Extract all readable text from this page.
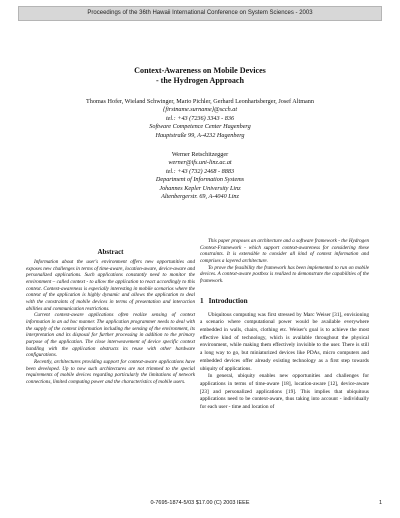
Proceedings of the 36th Hawaii International Conference on System Sciences - 2003
Context-Awareness on Mobile Devices
- the Hydrogen Approach
Thomas Hofer, Wieland Schwinger, Mario Pichler, Gerhard Leonhartsberger, Josef Altmann
{firstname.surname}@scch.at
tel.: +43 (7236) 3343 - 836
Software Competence Center Hagenberg
Hauptstraße 99, A-4232 Hagenberg
Werner Retschitzegger
werner@ifs.uni-linz.ac.at
tel.: +43 (732) 2468 - 8883
Department of Information Systems
Johannes Kepler University Linz
Altenbergerstr. 69, A-4040 Linz
Abstract

Information about the user's environment offers new opportunities and exposes new challenges in terms of time-aware, location-aware, device-aware and personalized applications. Such applications constantly need to monitor the environment – called context - to allow the application to react accordingly to this context. Context-awareness is especially interesting in mobile scenarios where the context of the application is highly dynamic and allows the application to deal with the constraints of mobile devices in terms of presentation and interaction abilities and communication restrictions.

Current context-aware applications often realize sensing of context information in an ad hoc manner. The application programmer needs to deal with the supply of the context information including the sensing of the environment, its interpretation and its disposal for further processing in addition to the primary purpose of the application. The close interweavement of device specific context handling with the application obstructs its reuse with other hardware configurations.

Recently, architectures providing support for context-aware applications have been developed. Up to now such architectures are not trimmed to the special requirements of mobile devices regarding particularly the limitations of network connections, limited computing power and the characteristics of mobile users.

This paper proposes an architecture and a software framework - the Hydrogen Context-Framework - which support context-awareness for considering these constraints. It is extensible to consider all kind of context information and comprises a layered architecture.

To prove the feasibility the framework has been implemented to run on mobile devices. A context-aware postbox is realized to demonstrate the capabilities of the framework.

1 Introduction

Ubiquitous computing was first stressed by Marc Weiser [31], envisioning a scenario where computational power would be available everywhere embedded in walls, chairs, clothing etc. Weiser's goal is to achieve the most effective kind of technology, which is available throughout the physical environment, while making them effectively invisible to the user. There is still a long way to go, but miniaturized devices like PDAs, micro computers and embedded devices offer already existing technology as a first step towards ubiquity of applications.

In general, ubiquity enables new opportunities and challenges for applications in terms of time-aware [18], location-aware [12], device-aware [23] and personalized applications [19]. This implies that ubiquitous applications need to be context-aware, thus taking into account - individually for each user - time and location of

0-7695-1874-5/03 $17.00 (C) 2003 IEEE	1
